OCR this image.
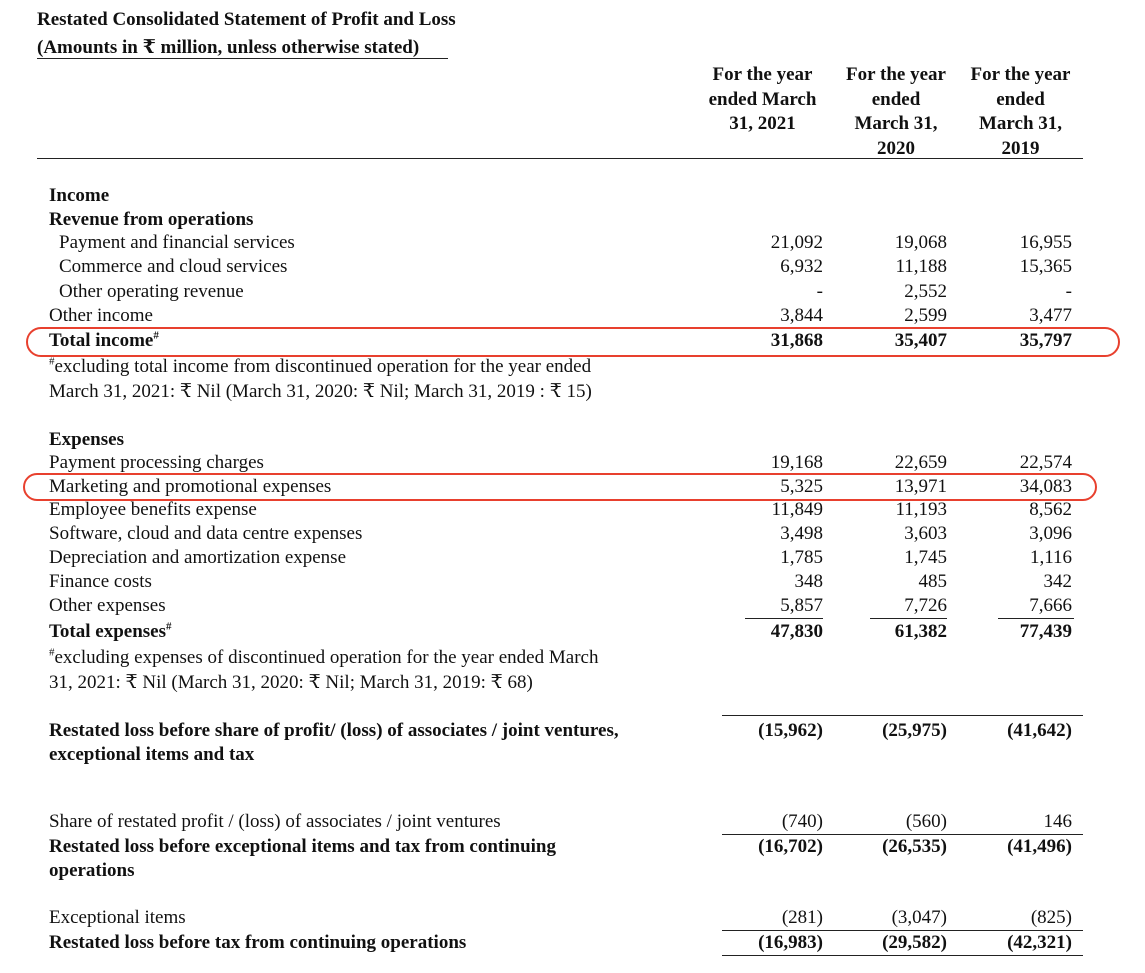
Restated Consolidated Statement of Profit and Loss
(Amounts in ₹ million, unless otherwise stated)
For the year ended March 31, 2021
For the year ended March 31, 2020
For the year ended March 31, 2019
Income
Revenue from operations
Payment and financial services	21,092	19,068	16,955
Commerce and cloud services	6,932	11,188	15,365
Other operating revenue	-	2,552	-
Other income	3,844	2,599	3,477
Total income#	31,868	35,407	35,797
#excluding total income from discontinued operation for the year ended
March 31, 2021: ₹ Nil (March 31, 2020: ₹ Nil; March 31, 2019 : ₹ 15)
Expenses
Payment processing charges	19,168	22,659	22,574
Marketing and promotional expenses	5,325	13,971	34,083
Employee benefits expense	11,849	11,193	8,562
Software, cloud and data centre expenses	3,498	3,603	3,096
Depreciation and amortization expense	1,785	1,745	1,116
Finance costs	348	485	342
Other expenses	5,857	7,726	7,666
Total expenses#	47,830	61,382	77,439
#excluding expenses of discontinued operation for the year ended March
31, 2021: ₹ Nil (March 31, 2020: ₹ Nil; March 31, 2019: ₹ 68)
Restated loss before share of profit/ (loss) of associates / joint ventures,
exceptional items and tax
(15,962)	(25,975)	(41,642)
Share of restated profit / (loss) of associates / joint ventures	(740)	(560)	146
Restated loss before exceptional items and tax from continuing
operations
(16,702)	(26,535)	(41,496)
Exceptional items	(281)	(3,047)	(825)
Restated loss before tax from continuing operations	(16,983)	(29,582)	(42,321)
